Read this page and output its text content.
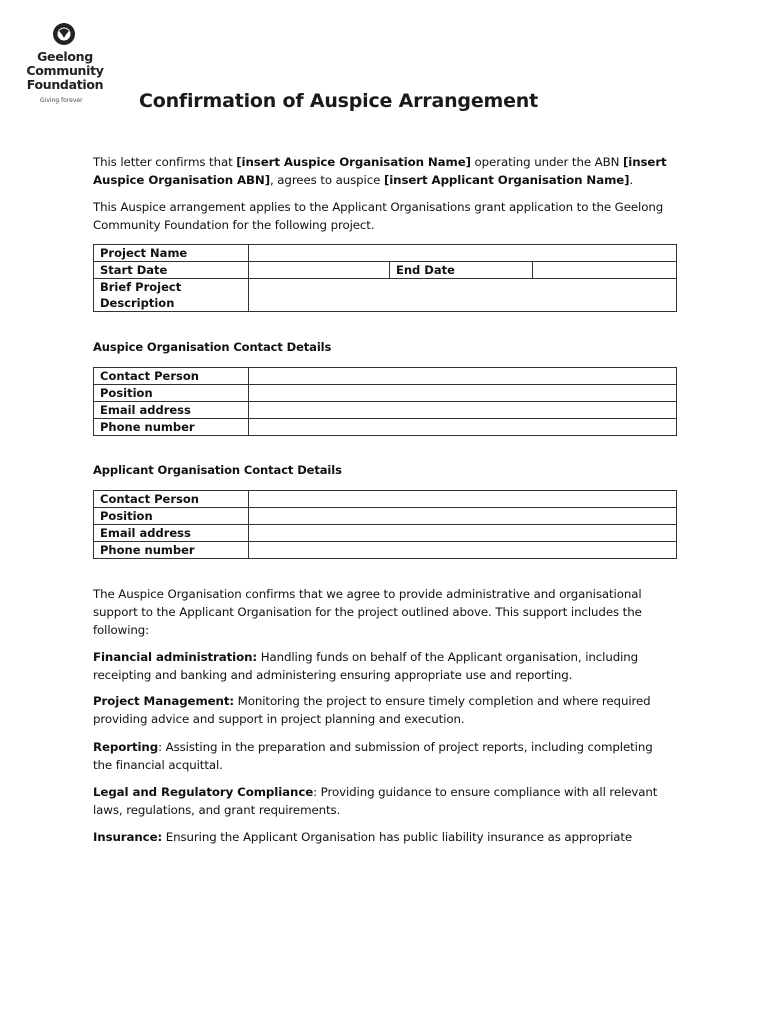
Geelong
Community
Foundation
Giving forever	Confirmation of Auspice Arrangement

This letter confirms that [insert Auspice Organisation Name] operating under the ABN [insert Auspice Organisation ABN], agrees to auspice [insert Applicant Organisation Name].

This Auspice arrangement applies to the Applicant Organisations grant application to the Geelong Community Foundation for the following project.

Project Name			
Start Date		End Date	
Brief Project
Description			

Auspice Organisation Contact Details

Contact Person	
Position	
Email address	
Phone number	

Applicant Organisation Contact Details

Contact Person	
Position	
Email address	
Phone number	

The Auspice Organisation confirms that we agree to provide administrative and organisational support to the Applicant Organisation for the project outlined above. This support includes the following:

Financial administration: Handling funds on behalf of the Applicant organisation, including receipting and banking and administering ensuring appropriate use and reporting.

Project Management: Monitoring the project to ensure timely completion and where required providing advice and support in project planning and execution.

Reporting: Assisting in the preparation and submission of project reports, including completing the financial acquittal.

Legal and Regulatory Compliance: Providing guidance to ensure compliance with all relevant laws, regulations, and grant requirements.

Insurance: Ensuring the Applicant Organisation has public liability insurance as appropriate
